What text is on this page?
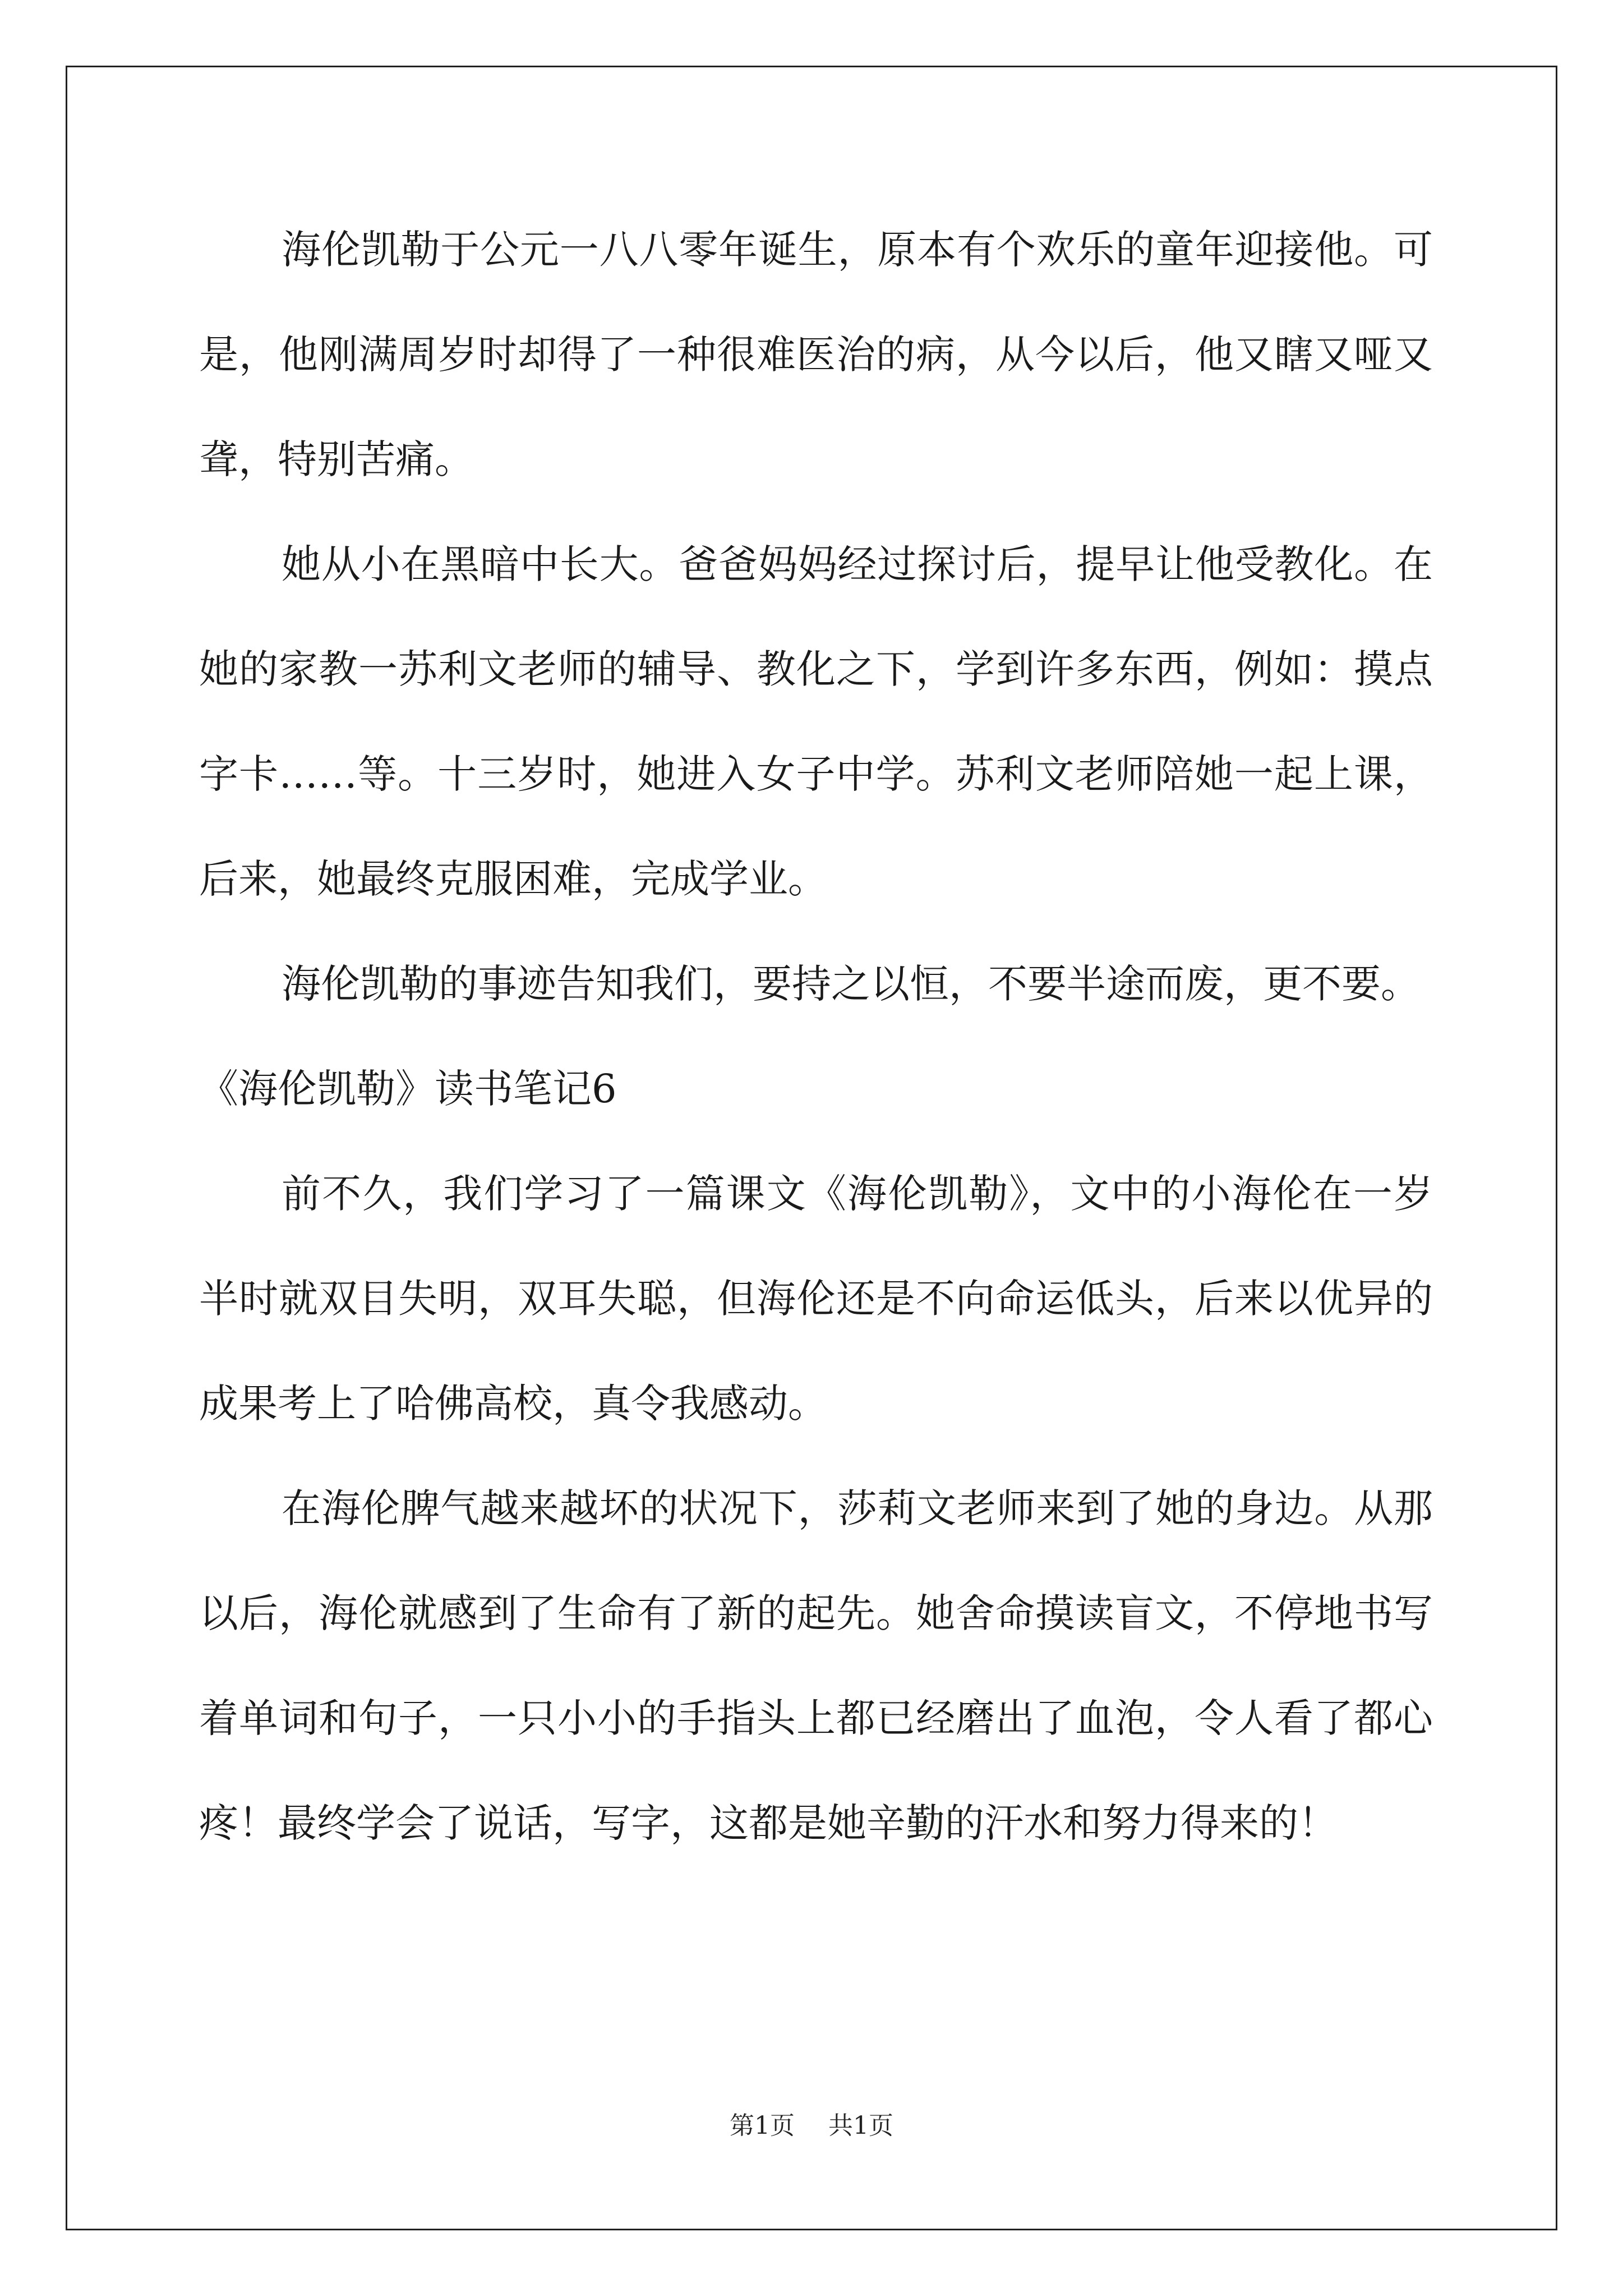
海伦凯勒于公元一八八零年诞生，原本有个欢乐的童年迎接他。可是，他刚满周岁时却得了一种很难医治的病，从今以后，他又瞎又哑又聋，特别苦痛。

她从小在黑暗中长大。爸爸妈妈经过探讨后，提早让他受教化。在她的家教一苏利文老师的辅导、教化之下，学到许多东西，例如：摸点字卡……等。十三岁时，她进入女子中学。苏利文老师陪她一起上课，后来，她最终克服困难，完成学业。

海伦凯勒的事迹告知我们，要持之以恒，不要半途而废，更不要。

《海伦凯勒》读书笔记6

前不久，我们学习了一篇课文《海伦凯勒》，文中的小海伦在一岁半时就双目失明，双耳失聪，但海伦还是不向命运低头，后来以优异的成果考上了哈佛高校，真令我感动。

在海伦脾气越来越坏的状况下，莎莉文老师来到了她的身边。从那以后，海伦就感到了生命有了新的起先。她舍命摸读盲文，不停地书写着单词和句子，一只小小的手指头上都已经磨出了血泡，令人看了都心疼！最终学会了说话，写字，这都是她辛勤的汗水和努力得来的！

第1页 共1页
